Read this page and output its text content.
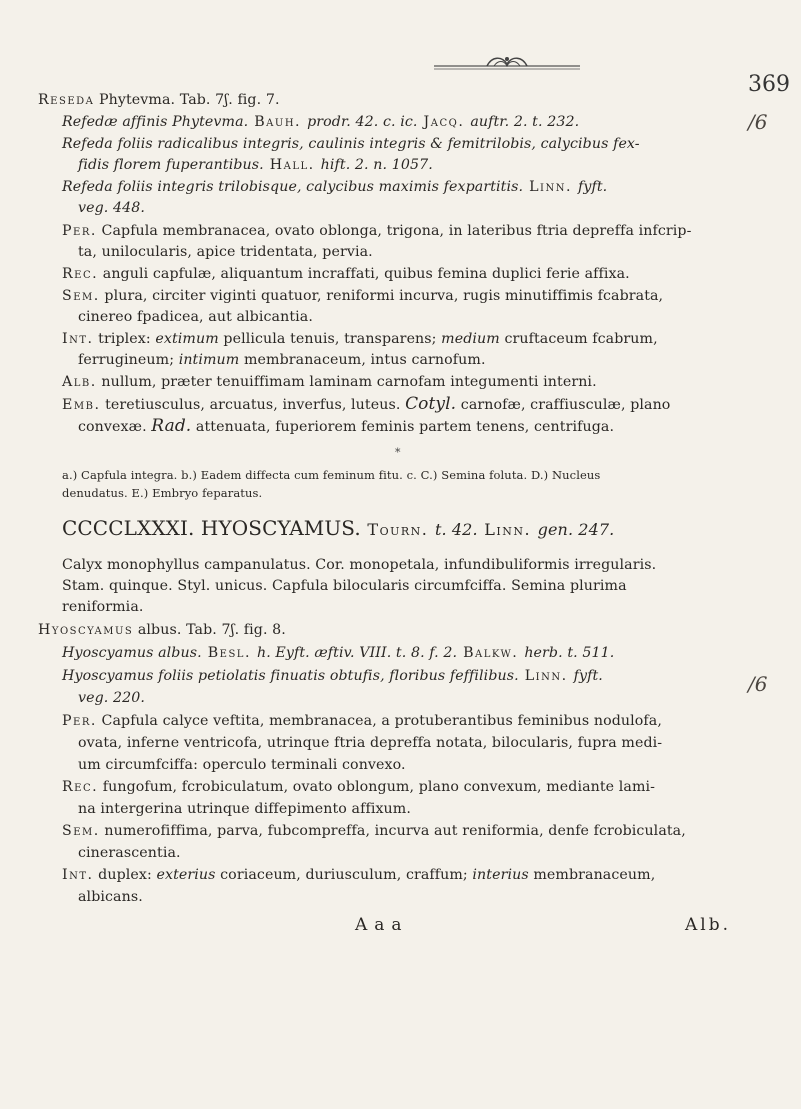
369
/6
/6
Reseda Phytevma. Tab. 7ʃ. fig. 7.
Refedæ affinis Phytevma. Bauh. prodr. 42. c. ic. Jacq. auftr. 2. t. 232.
Refeda foliis radicalibus integris, caulinis integris & femitrilobis, calycibus fex-
fidis florem fuperantibus. Hall. hift. 2. n. 1057.
Refeda foliis integris trilobisque, calycibus maximis fexpartitis. Linn. fyft.
veg. 448.
Per. Capfula membranacea, ovato oblonga, trigona, in lateribus ftria depreffa infcrip-
ta, unilocularis, apice tridentata, pervia.
Rec. anguli capfulæ, aliquantum incraffati, quibus femina duplici ferie affixa.
Sem. plura, circiter viginti quatuor, reniformi incurva, rugis minutiffimis fcabrata,
cinereo fpadicea, aut albicantia.
Int. triplex: extimum pellicula tenuis, transparens; medium cruftaceum fcabrum,
ferrugineum; intimum membranaceum, intus carnofum.
Alb. nullum, præter tenuiffimam laminam carnofam integumenti interni.
Emb. teretiusculus, arcuatus, inverfus, luteus. Cotyl. carnofæ, craffiusculæ, plano
convexæ. Rad. attenuata, fuperiorem feminis partem tenens, centrifuga.
*
a.) Capfula integra. b.) Eadem diffecta cum feminum fitu. c. C.) Semina foluta. D.) Nucleus
denudatus. E.) Embryo feparatus.
CCCCLXXXI. HYOSCYAMUS. Tourn. t. 42. Linn. gen. 247.
Calyx monophyllus campanulatus. Cor. monopetala, infundibuliformis irregularis.
Stam. quinque. Styl. unicus. Capfula bilocularis circumfciffa. Semina plurima
reniformia.
Hyoscyamus albus. Tab. 7ʃ. fig. 8.
Hyoscyamus albus. Besl. h. Eyft. æftiv. VIII. t. 8. f. 2. Balkw. herb. t. 511.
Hyoscyamus foliis petiolatis finuatis obtufis, floribus feffilibus. Linn. fyft.
veg. 220.
Per. Capfula calyce veftita, membranacea, a protuberantibus feminibus nodulofa,
ovata, inferne ventricofa, utrinque ftria depreffa notata, bilocularis, fupra medi-
um circumfciffa: operculo terminali convexo.
Rec. fungofum, fcrobiculatum, ovato oblongum, plano convexum, mediante lami-
na intergerina utrinque diffepimento affixum.
Sem. numerofiffima, parva, fubcompreffa, incurva aut reniformia, denfe fcrobiculata,
cinerascentia.
Int. duplex: exterius coriaceum, duriusculum, craffum; interius membranaceum,
albicans.
Aaa	Alb.
